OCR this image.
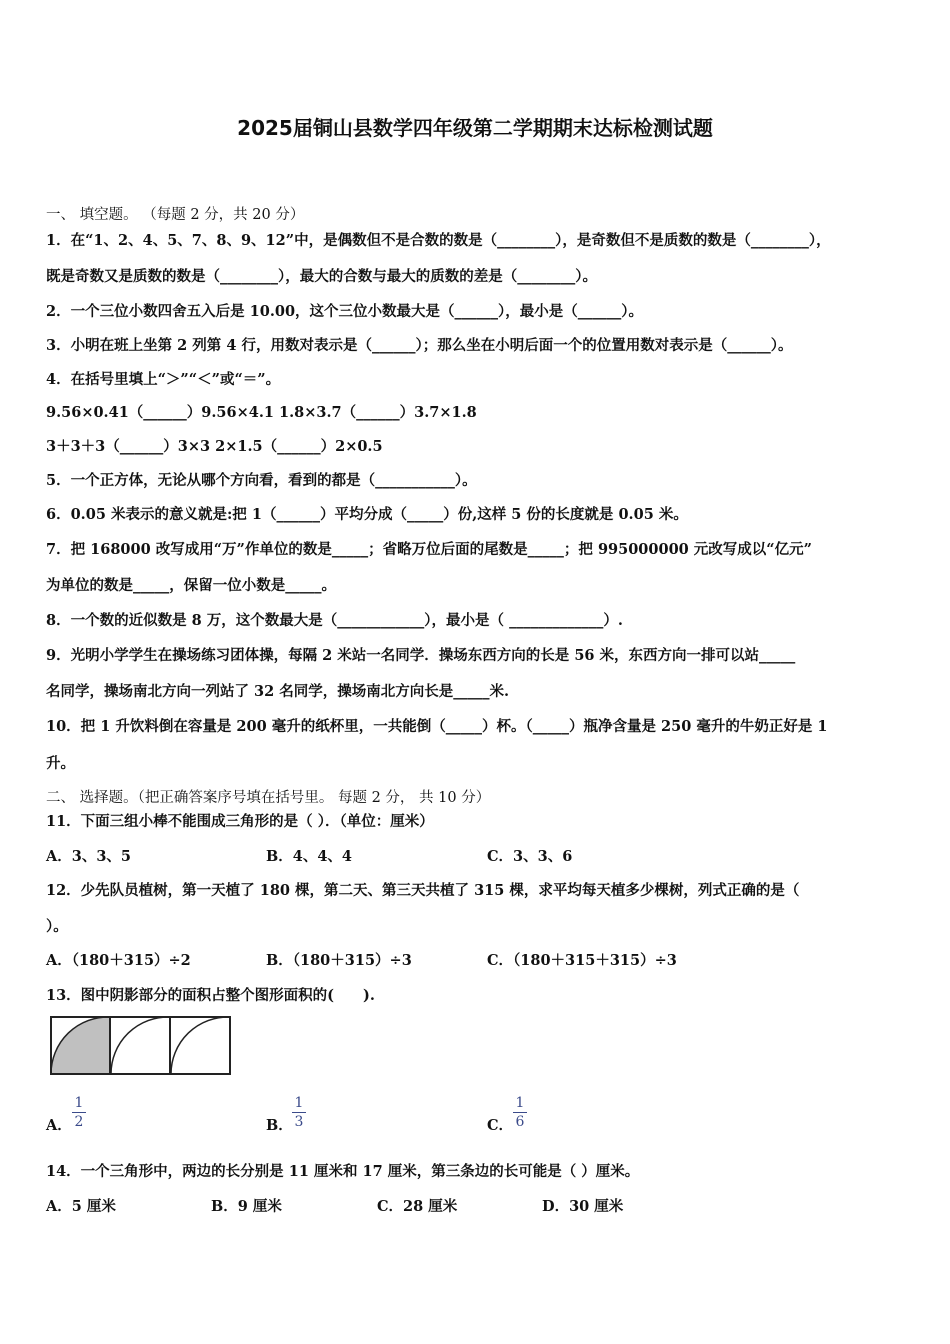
2025届铜山县数学四年级第二学期期末达标检测试题
一、 填空题。 （每题 2 分，共 20 分）
1．在“1、2、4、5、7、8、9、12”中，是偶数但不是合数的数是（________），是奇数但不是质数的数是（________），
既是奇数又是质数的数是（________），最大的合数与最大的质数的差是（________）。
2．一个三位小数四舍五入后是 10.00，这个三位小数最大是（______），最小是（______）。
3．小明在班上坐第 2 列第 4 行，用数对表示是（______）；那么坐在小明后面一个的位置用数对表示是（______）。
4．在括号里填上“＞”“＜”或“＝”。
9.56×0.41（______）9.56×4.1 1.8×3.7（______）3.7×1.8
3＋3＋3（______）3×3 2×1.5（______）2×0.5
5．一个正方体，无论从哪个方向看，看到的都是（___________）。
6．0.05 米表示的意义就是:把 1（______）平均分成（_____）份,这样 5 份的长度就是 0.05 米。
7．把 168000 改写成用“万”作单位的数是_____；省略万位后面的尾数是_____；把 995000000 元改写成以“亿元”
为单位的数是_____，保留一位小数是_____。
8．一个数的近似数是 8 万，这个数最大是（____________），最小是（ _____________）.
9．光明小学学生在操场练习团体操，每隔 2 米站一名同学．操场东西方向的长是 56 米，东西方向一排可以站_____
名同学，操场南北方向一列站了 32 名同学，操场南北方向长是_____米.
10．把 1 升饮料倒在容量是 200 毫升的纸杯里，一共能倒（_____）杯。（_____）瓶净含量是 250 毫升的牛奶正好是 1
升。
二、 选择题。（把正确答案序号填在括号里。 每题 2 分， 共 10 分）
11．下面三组小棒不能围成三角形的是（ ）．（单位：厘米）
A．3、3、5	B．4、4、4	C．3、3、6
12．少先队员植树，第一天植了 180 棵，第二天、第三天共植了 315 棵，求平均每天植多少棵树，列式正确的是（
）。
A．（180＋315）÷2	B．（180＋315）÷3	C．（180＋315＋315）÷3
13．图中阴影部分的面积占整个图形面积的(　　).
A．
1
2	B．
1
3	C．
1
6
14．一个三角形中，两边的长分别是 11 厘米和 17 厘米，第三条边的长可能是（ ）厘米。
A．5 厘米	B．9 厘米	C．28 厘米	D．30 厘米
